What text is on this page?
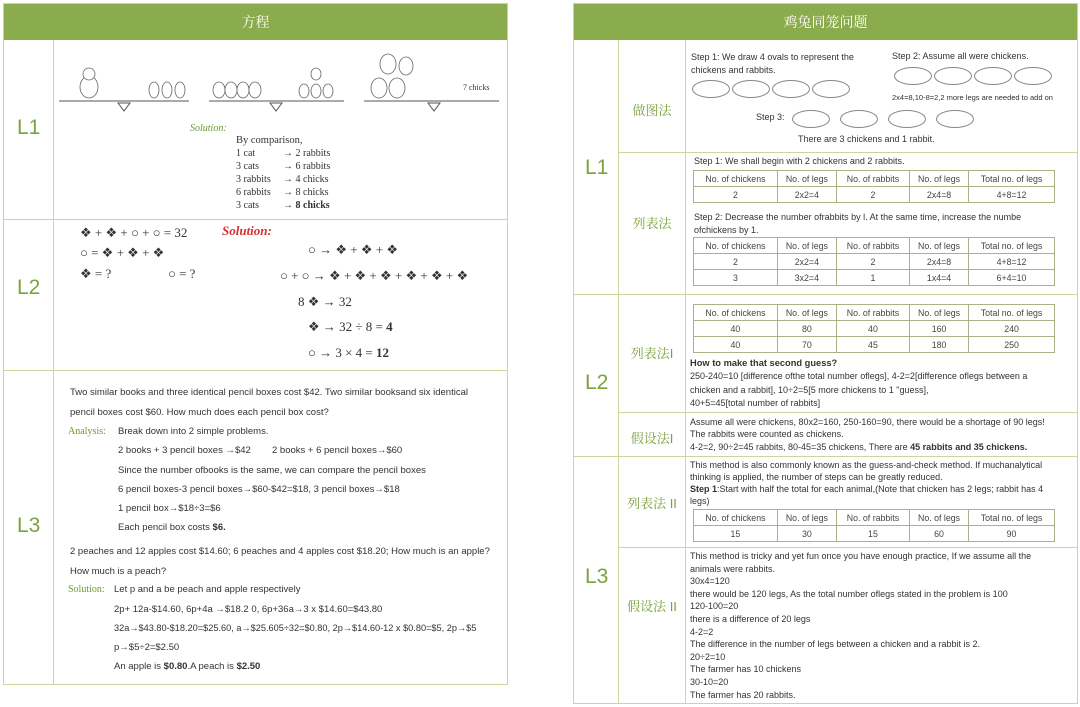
方程
L1
L2
L3
7 chicks
Solution:
By comparison,
1 cat	→ 2 rabbits
3 cats → 6 rabbits
3 rabbits → 4 chicks
6 rabbits → 8 chicks
3 cats → 8 chicks
❖ + ❖ + ○ + ○ = 32
○ = ❖ + ❖ + ❖
❖ = ?	○ = ?
Solution:
○ → ❖ + ❖ + ❖
○ + ○ → ❖ + ❖ + ❖ + ❖ + ❖ + ❖
8 ❖ → 32
❖ → 32 ÷ 8 = 4
○ → 3 × 4 = 12
Two similar books and three identical pencil boxes cost $42. Two similar booksand six identical pencil boxes cost $60. How much does each pencil box cost?
Analysis: Break down into 2 simple problems.
2 books + 3 pencil boxes →$42 2 books + 6 pencil boxes→$60
Since the number ofbooks is the same, we can compare the pencil boxes
6 pencil boxes-3 pencil boxes→$60-$42=$18, 3 pencil boxes→$18
1 pencil box→$18÷3=$6
Each pencil box costs $6.
2 peaches and 12 apples cost $14.60; 6 peaches and 4 apples cost $18.20; How much is an apple?How much is a peach?
Solution: Let p and a be peach and apple respectively
2p+ 12a-$14.60, 6p+4a →$18.2 0, 6p+36a→3 x $14.60=$43.80
32a→$43.80-$18.20=$25.60, a→$25.605÷32=$0.80, 2p→$14.60-12 x $0.80=$5, 2p→$5
p→$5÷2=$2.50
An apple is $0.80.A peach is $2.50
鸡兔同笼问题
L1
L2
L3
做图法
列表法
列表法I
假设法I
列表法 II
假设法 II
Step 1: We draw 4 ovals to represent the chickens and rabbits.
Step 2: Assume all were chickens.
2x4=8,10-8=2,2 more legs are needed to add on
Step 3:
There are 3 chickens and 1 rabbit.
Step 1: We shall begin with 2 chickens and 2 rabbits.
No. of chickens	No. of legs	No. of rabbits	No. of legs	Total no. of legs
2	2x2=4	2	2x4=8	4+8=12
Step 2: Decrease the number ofrabbits by l. At the same time, increase the numbe ofchickens by 1.
No. of chickens	No. of legs	No. of rabbits	No. of legs	Total no. of legs
2	2x2=4	2	2x4=8	4+8=12
3	3x2=4	1	1x4=4	6+4=10
No. of chickens	No. of legs	No. of rabbits	No. of legs	Total no. of legs
40	80	40	160	240
40	70	45	180	250
How to make that second guess?
250-240=10 [difference ofthe total number oflegs], 4-2=2[difference oflegs between a
chicken and a rabbit], 10÷2=5[5 more chickens to 1 "guess],
40+5=45[total number of rabbits]
Assume all were chickens, 80x2=160, 250-160=90, there would be a shortage of 90 legs!
The rabbits were counted as chickens.
4-2=2, 90÷2=45 rabbits, 80-45=35 chickens, There are 45 rabbits and 35 chickens.
This method is also commonly known as the guess-and-check method. If muchanalytical
thinking is applied, the number of steps can be greatly reduced.
Step 1:Start with half the total for each animal,(Note that chicken has 2 legs; rabbit has 4
legs)
No. of chickens	No. of legs	No. of rabbits	No. of legs	Total no. of legs
15	30	15	60	90
This method is tricky and yet fun once you have enough practice, If we assume all the
animals were rabbits.
30x4=120
there would be 120 legs, As the total number oflegs stated in the problem is 100
120-100=20
there is a difference of 20 legs
4-2=2
The difference in the number of legs between a chicken and a rabbit is 2.
20÷2=10
The farmer has 10 chickens
30-10=20
The farmer has 20 rabbits.
